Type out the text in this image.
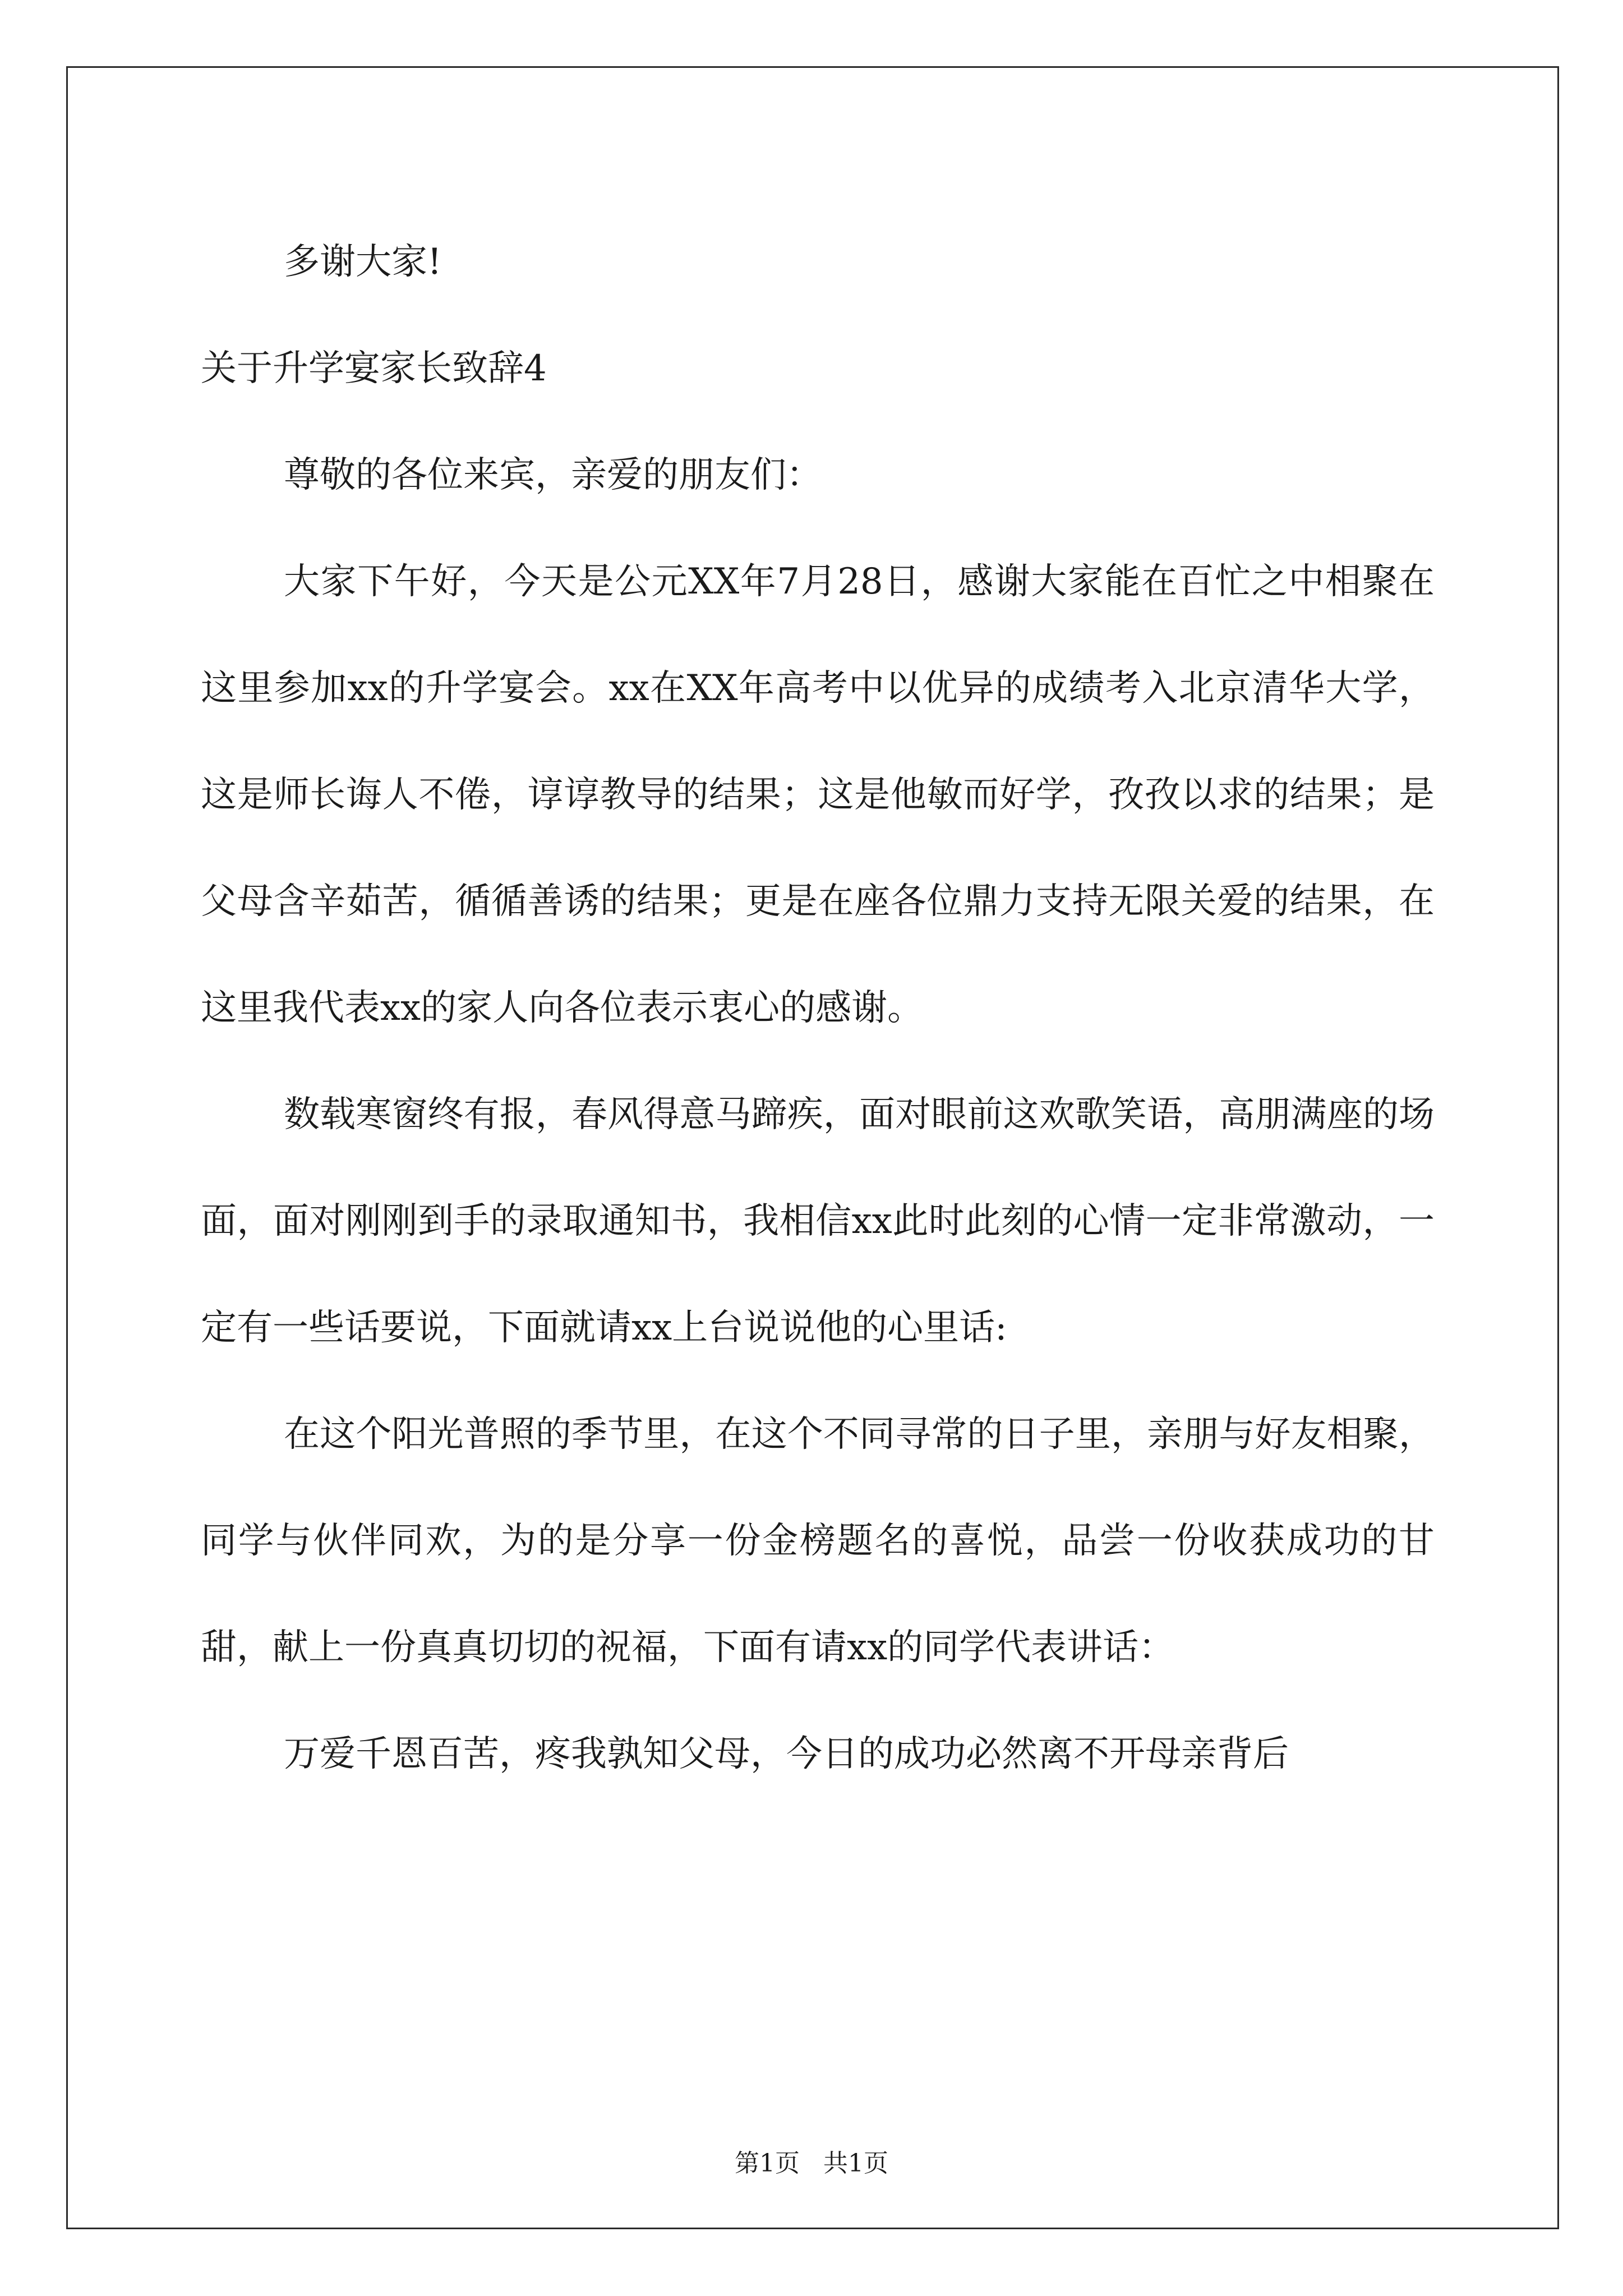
多谢大家!

关于升学宴家长致辞4

尊敬的各位来宾，亲爱的朋友们：

大家下午好，今天是公元XX年7月28日，感谢大家能在百忙之中相聚在这里参加xx的升学宴会。xx在XX年高考中以优异的成绩考入北京清华大学，这是师长诲人不倦，谆谆教导的结果；这是他敏而好学，孜孜以求的结果；是父母含辛茹苦，循循善诱的结果；更是在座各位鼎力支持无限关爱的结果，在这里我代表xx的家人向各位表示衷心的感谢。

数载寒窗终有报，春风得意马蹄疾，面对眼前这欢歌笑语，高朋满座的场面，面对刚刚到手的录取通知书，我相信xx此时此刻的心情一定非常激动，一定有一些话要说，下面就请xx上台说说他的心里话:

在这个阳光普照的季节里，在这个不同寻常的日子里，亲朋与好友相聚，同学与伙伴同欢，为的是分享一份金榜题名的喜悦，品尝一份收获成功的甘甜，献上一份真真切切的祝福，下面有请xx的同学代表讲话：

万爱千恩百苦，疼我孰知父母，今日的成功必然离不开母亲背后

第1页 共1页
